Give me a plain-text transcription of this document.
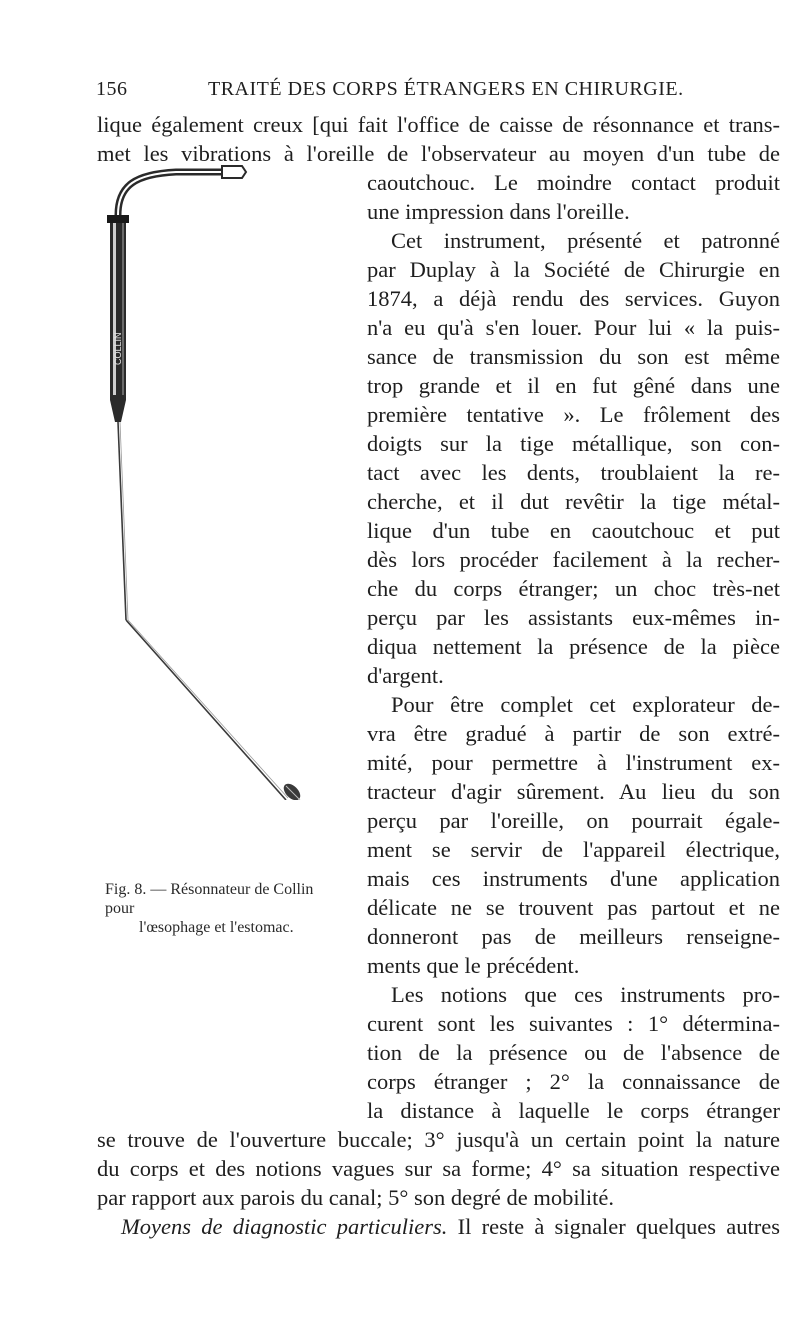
156	TRAITÉ DES CORPS ÉTRANGERS EN CHIRURGIE.
lique également creux [qui fait l'office de caisse de résonnance et trans-
met les vibrations à l'oreille de l'observateur au moyen d'un tube de
COLLIN
Fig. 8. — Résonnateur de Collin pour
l'œsophage et l'estomac.
caoutchouc. Le moindre contact produit
une impression dans l'oreille.
Cet instrument, présenté et patronné
par Duplay à la Société de Chirurgie en
1874, a déjà rendu des services. Guyon
n'a eu qu'à s'en louer. Pour lui « la puis-
sance de transmission du son est même
trop grande et il en fut gêné dans une
première tentative ». Le frôlement des
doigts sur la tige métallique, son con-
tact avec les dents, troublaient la re-
cherche, et il dut revêtir la tige métal-
lique d'un tube en caoutchouc et put
dès lors procéder facilement à la recher-
che du corps étranger; un choc très-net
perçu par les assistants eux-mêmes in-
diqua nettement la présence de la pièce
d'argent.
Pour être complet cet explorateur de-
vra être gradué à partir de son extré-
mité, pour permettre à l'instrument ex-
tracteur d'agir sûrement. Au lieu du son
perçu par l'oreille, on pourrait égale-
ment se servir de l'appareil électrique,
mais ces instruments d'une application
délicate ne se trouvent pas partout et ne
donneront pas de meilleurs renseigne-
ments que le précédent.
Les notions que ces instruments pro-
curent sont les suivantes : 1° détermina-
tion de la présence ou de l'absence de
corps étranger ; 2° la connaissance de
la distance à laquelle le corps étranger
se trouve de l'ouverture buccale; 3° jusqu'à un certain point la nature
du corps et des notions vagues sur sa forme; 4° sa situation respective
par rapport aux parois du canal; 5° son degré de mobilité.
Moyens de diagnostic particuliers. Il reste à signaler quelques autres
